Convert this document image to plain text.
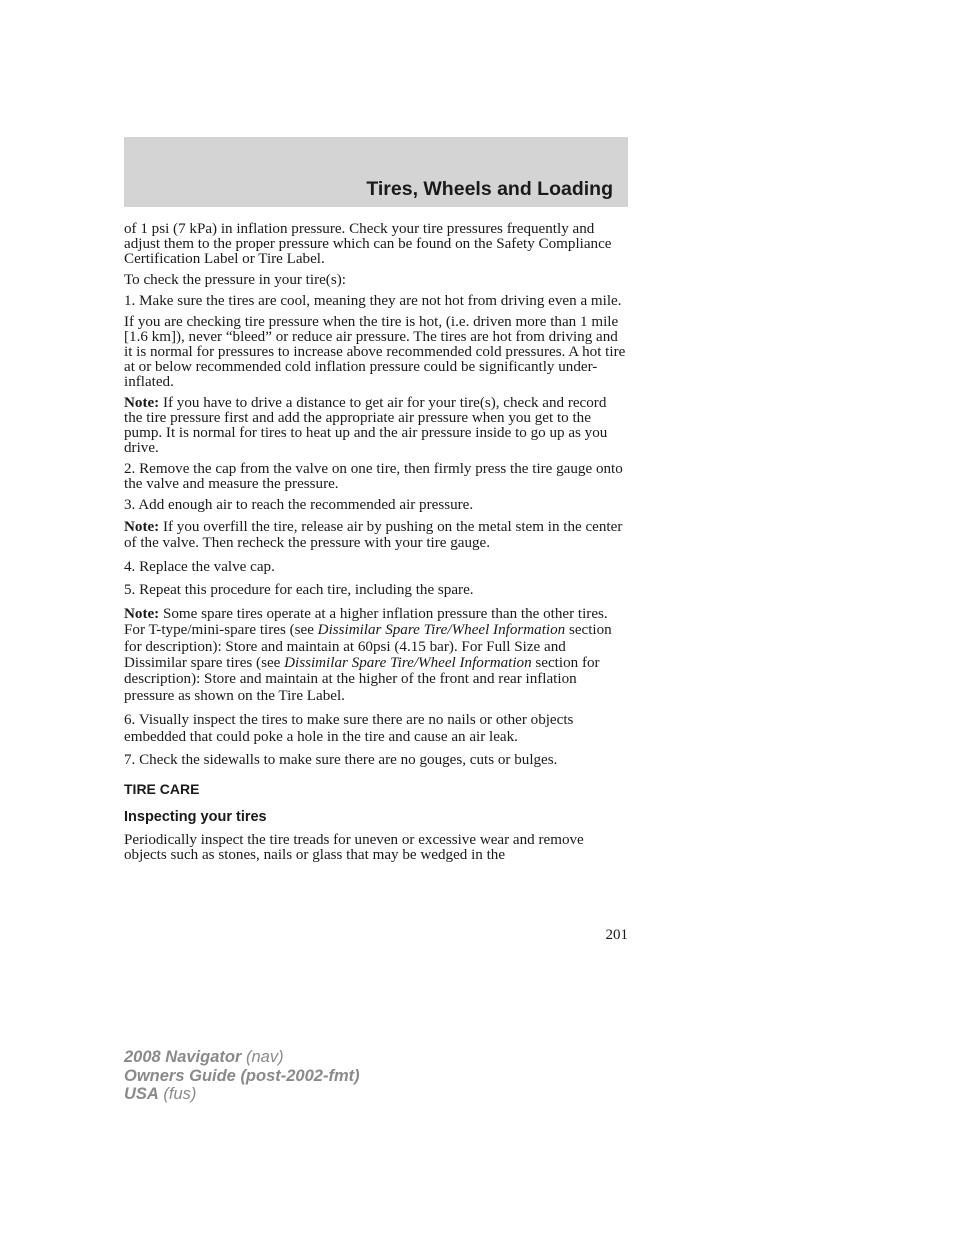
Tires, Wheels and Loading

of 1 psi (7 kPa) in inflation pressure. Check your tire pressures frequently and adjust them to the proper pressure which can be found on the Safety Compliance Certification Label or Tire Label.

To check the pressure in your tire(s):

1. Make sure the tires are cool, meaning they are not hot from driving even a mile.

If you are checking tire pressure when the tire is hot, (i.e. driven more than 1 mile [1.6 km]), never “bleed” or reduce air pressure. The tires are hot from driving and it is normal for pressures to increase above recommended cold pressures. A hot tire at or below recommended cold inflation pressure could be significantly under-inflated.

Note: If you have to drive a distance to get air for your tire(s), check and record the tire pressure first and add the appropriate air pressure when you get to the pump. It is normal for tires to heat up and the air pressure inside to go up as you drive.

2. Remove the cap from the valve on one tire, then firmly press the tire gauge onto the valve and measure the pressure.

3. Add enough air to reach the recommended air pressure.

Note: If you overfill the tire, release air by pushing on the metal stem in the center of the valve. Then recheck the pressure with your tire gauge.

4. Replace the valve cap.

5. Repeat this procedure for each tire, including the spare.

Note: Some spare tires operate at a higher inflation pressure than the other tires. For T-type/mini-spare tires (see Dissimilar Spare Tire/Wheel Information section for description): Store and maintain at 60psi (4.15 bar). For Full Size and Dissimilar spare tires (see Dissimilar Spare Tire/Wheel Information section for description): Store and maintain at the higher of the front and rear inflation pressure as shown on the Tire Label.

6. Visually inspect the tires to make sure there are no nails or other objects embedded that could poke a hole in the tire and cause an air leak.

7. Check the sidewalls to make sure there are no gouges, cuts or bulges.

TIRE CARE
Inspecting your tires

Periodically inspect the tire treads for uneven or excessive wear and remove objects such as stones, nails or glass that may be wedged in the

201
2008 Navigator (nav)
Owners Guide (post-2002-fmt)
USA (fus)
